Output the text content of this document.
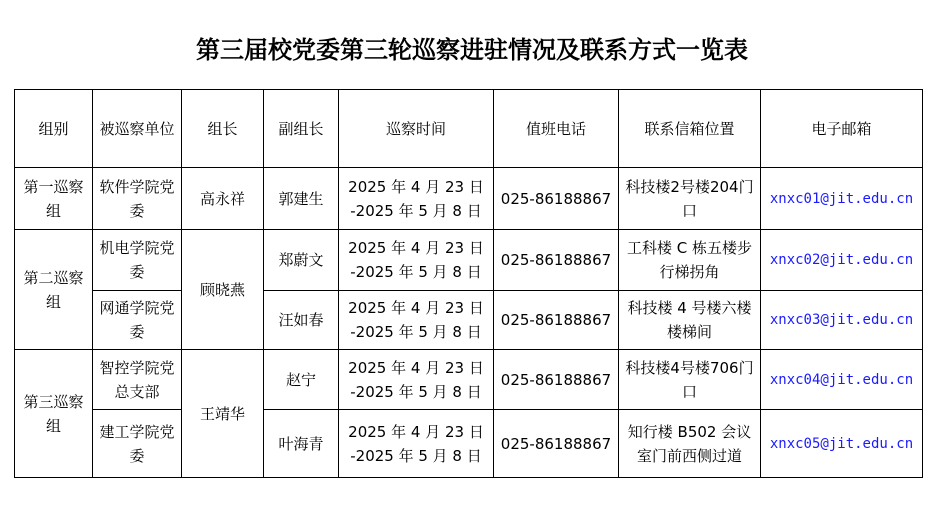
第三届校党委第三轮巡察进驻情况及联系方式一览表
组别	被巡察单位	组长	副组长	巡察时间	值班电话	联系信箱位置	电子邮箱
第一巡察组	软件学院党委	高永祥	郭建生	2025 年 4 月 23 日 -2025 年 5 月 8 日	025-86188867	科技楼2号楼204门口	xnxc01@jit.edu.cn
第二巡察组	机电学院党委	顾晓燕	郑蔚文	2025 年 4 月 23 日 -2025 年 5 月 8 日	025-86188867	工科楼 C 栋五楼步行梯拐角	xnxc02@jit.edu.cn
	网通学院党委		汪如春	2025 年 4 月 23 日 -2025 年 5 月 8 日	025-86188867	科技楼 4 号楼六楼楼梯间	xnxc03@jit.edu.cn
第三巡察组	智控学院党总支部	王靖华	赵宁	2025 年 4 月 23 日 -2025 年 5 月 8 日	025-86188867	科技楼4号楼706门口	xnxc04@jit.edu.cn
	建工学院党委		叶海青	2025 年 4 月 23 日 -2025 年 5 月 8 日	025-86188867	知行楼 B502 会议室门前西侧过道	xnxc05@jit.edu.cn
